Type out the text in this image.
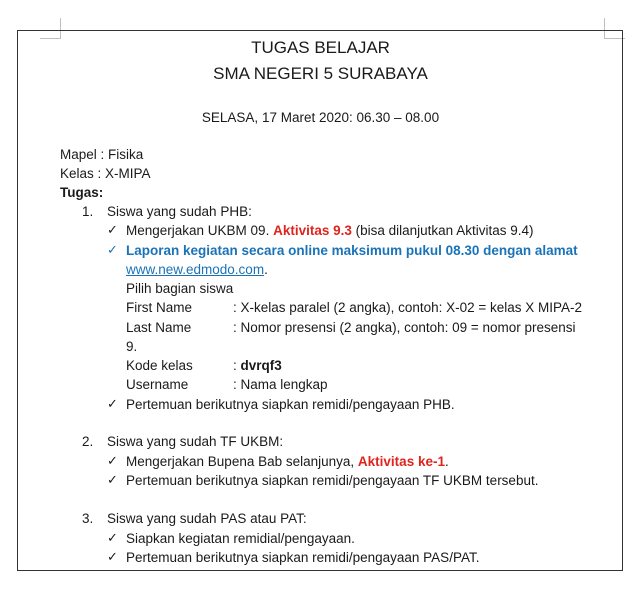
TUGAS BELAJAR
SMA NEGERI 5 SURABAYA
SELASA, 17 Maret 2020: 06.30 – 08.00
Mapel : Fisika
Kelas : X-MIPA
Tugas:
1. Siswa yang sudah PHB:
✓ Mengerjakan UKBM 09. Aktivitas 9.3 (bisa dilanjutkan Aktivitas 9.4)
✓ Laporan kegiatan secara online maksimum pukul 08.30 dengan alamat
www.new.edmodo.com.
Pilih bagian siswa
First Name	: X-kelas paralel (2 angka), contoh: X-02 = kelas X MIPA-2
Last Name	: Nomor presensi (2 angka), contoh: 09 = nomor presensi
9.
Kode kelas	: dvrqf3
Username	: Nama lengkap
✓ Pertemuan berikutnya siapkan remidi/pengayaan PHB.
2. Siswa yang sudah TF UKBM:
✓ Mengerjakan Bupena Bab selanjunya, Aktivitas ke-1.
✓ Pertemuan berikutnya siapkan remidi/pengayaan TF UKBM tersebut.
3. Siswa yang sudah PAS atau PAT:
✓ Siapkan kegiatan remidial/pengayaan.
✓ Pertemuan berikutnya siapkan remidi/pengayaan PAS/PAT.
